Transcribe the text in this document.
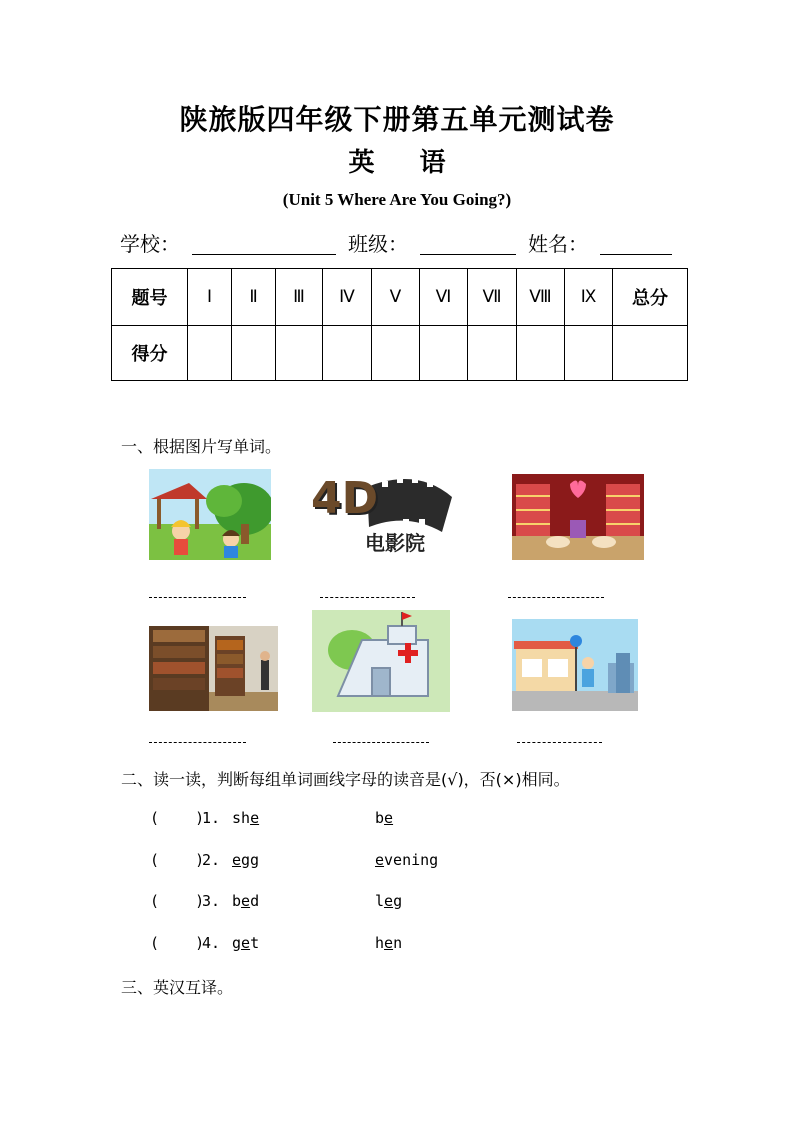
陕旅版四年级下册第五单元测试卷
英 语
(Unit 5 Where Are You Going?)
学校：	班级：	姓名：
题号	Ⅰ	Ⅱ	Ⅲ	Ⅳ	Ⅴ	Ⅵ	Ⅶ	Ⅷ	Ⅸ	总分
得分										
一、根据图片写单词。
4D
电影院
二、读一读，判断每组单词画线字母的读音是(√)，否(×)相同。
(    )
1. she	be
(    )
2. egg	evening
(    )
3. bed	leg
(    )
4. get	hen
三、英汉互译。
